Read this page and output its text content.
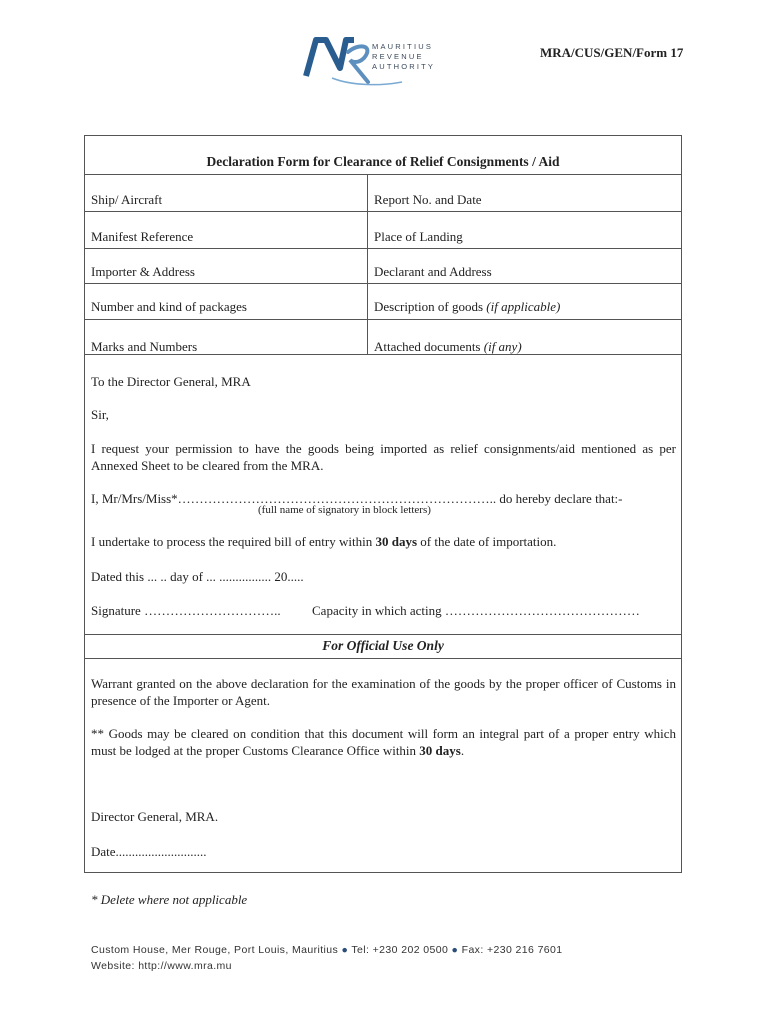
MAURITIUS
REVENUE
AUTHORITY
MRA/CUS/GEN/Form 17
Declaration Form for Clearance of Relief Consignments / Aid
Ship/ Aircraft	Report No. and Date
Manifest Reference	Place of Landing
Importer & Address	Declarant and Address
Number and kind of packages	Description of goods (if applicable)
Marks and Numbers	Attached documents (if any)
To the Director General, MRA
Sir,
I request your permission to have the goods being imported as relief consignments/aid mentioned as per Annexed Sheet to be cleared from the MRA.
I, Mr/Mrs/Miss*……………………………………………………………….. do hereby declare that:-
(full name of signatory in block letters)
I undertake to process the required bill of entry within 30 days of the date of importation.
Dated this ... .. day of ... ................ 20.....
Signature ………………………….. Capacity in which acting ………………………………………
For Official Use Only
Warrant granted on the above declaration for the examination of the goods by the proper officer of Customs in presence of the Importer or Agent.
** Goods may be cleared on condition that this document will form an integral part of a proper entry which must be lodged at the proper Customs Clearance Office within 30 days.
Director General, MRA.
Date............................
* Delete where not applicable
Custom House, Mer Rouge, Port Louis, Mauritius ● Tel: +230 202 0500 ● Fax: +230 216 7601
Website: http://www.mra.mu
